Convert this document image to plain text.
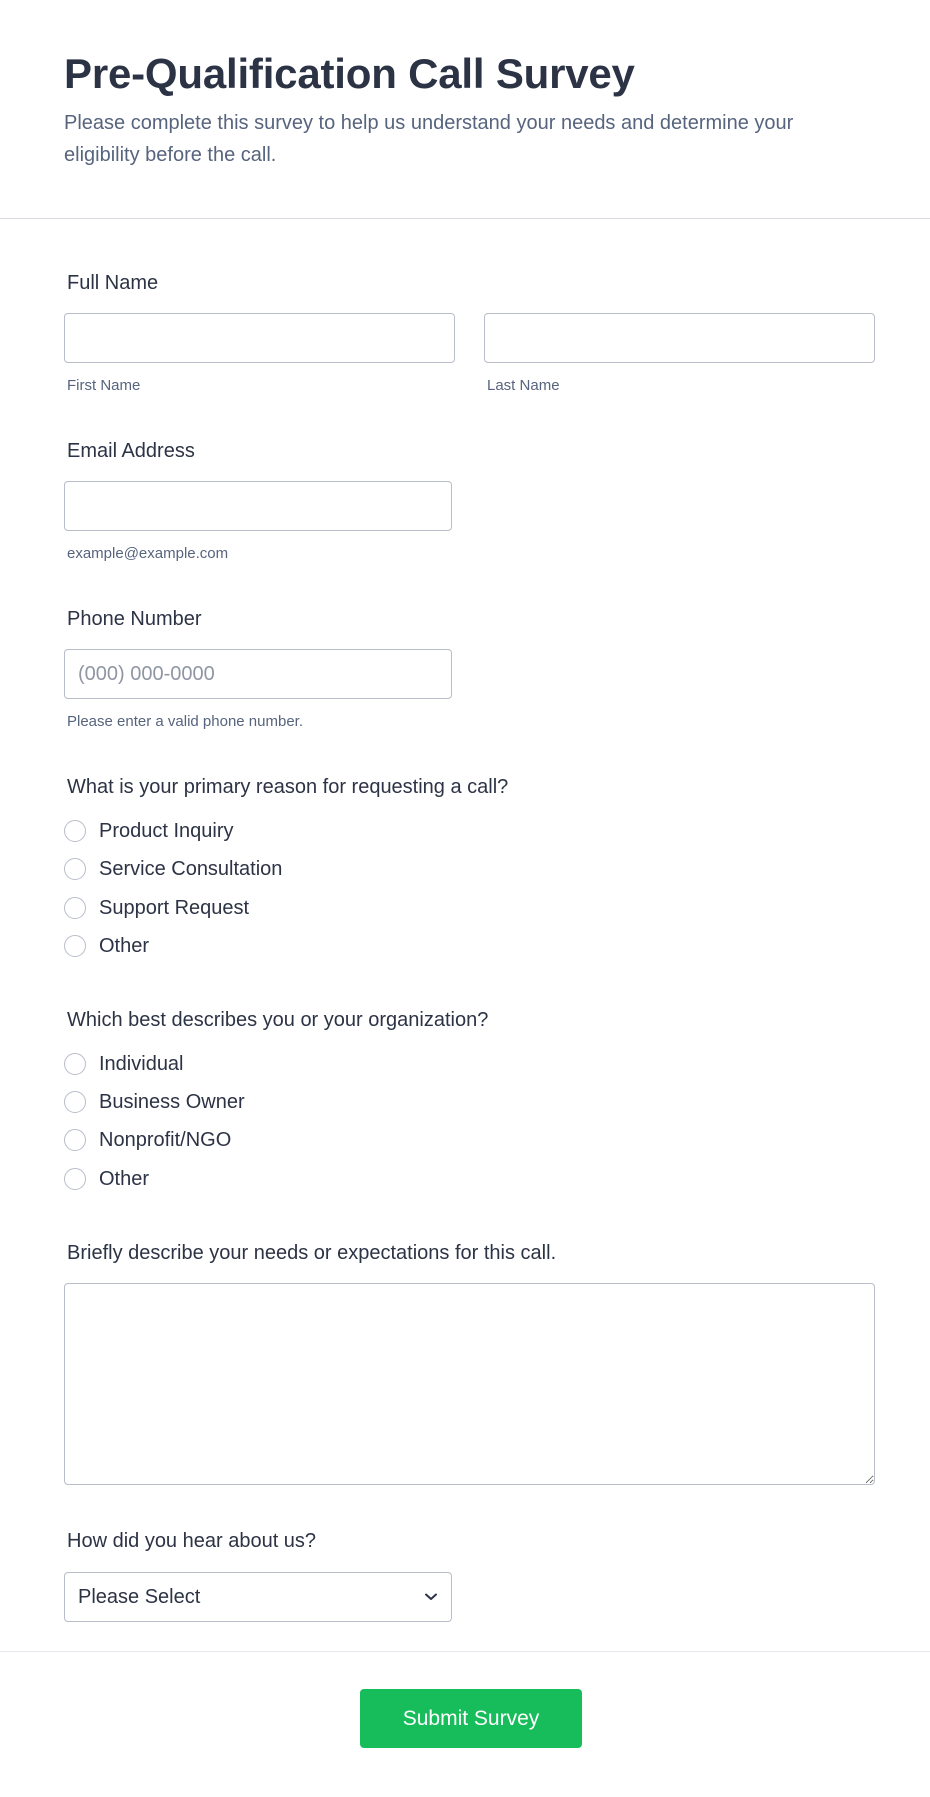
Pre-Qualification Call Survey
Please complete this survey to help us understand your needs and determine your eligibility before the call.
Full Name
First Name	Last Name
Email Address
example@example.com
Phone Number
(000) 000-0000
Please enter a valid phone number.
What is your primary reason for requesting a call?
Product Inquiry
Service Consultation
Support Request
Other
Which best describes you or your organization?
Individual
Business Owner
Nonprofit/NGO
Other
Briefly describe your needs or expectations for this call.
How did you hear about us?
Please Select
Submit Survey
